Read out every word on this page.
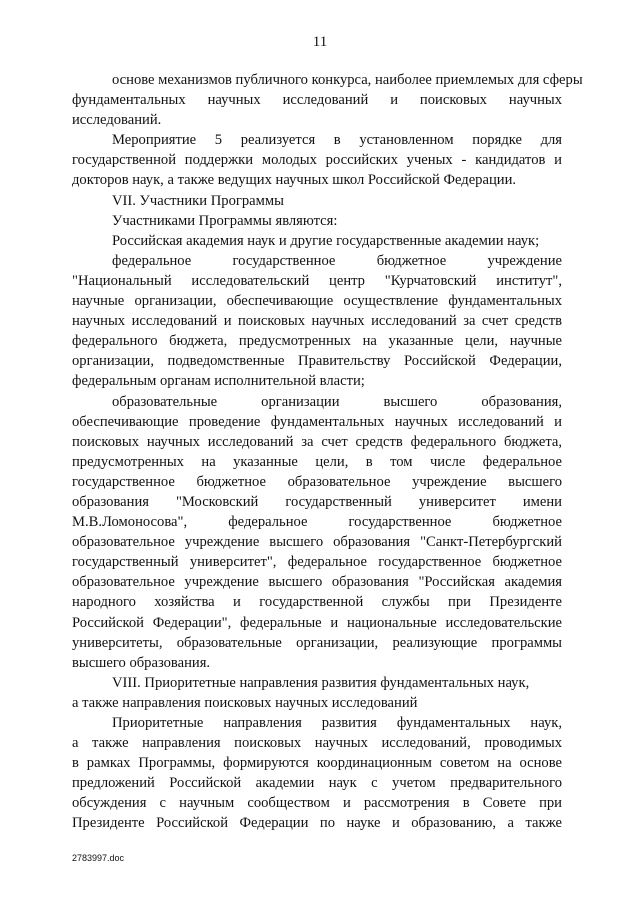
11
основе механизмов публичного конкурса, наиболее приемлемых для сферы
фундаментальных научных исследований и поисковых научных
исследований.
Мероприятие 5 реализуется в установленном порядке для
государственной поддержки молодых российских ученых - кандидатов и
докторов наук, а также ведущих научных школ Российской Федерации.
VII. Участники Программы
Участниками Программы являются:
Российская академия наук и другие государственные академии наук;
федеральное государственное бюджетное учреждение
"Национальный исследовательский центр "Курчатовский институт",
научные организации, обеспечивающие осуществление фундаментальных
научных исследований и поисковых научных исследований за счет средств
федерального бюджета, предусмотренных на указанные цели, научные
организации, подведомственные Правительству Российской Федерации,
федеральным органам исполнительной власти;
образовательные организации высшего образования,
обеспечивающие проведение фундаментальных научных исследований и
поисковых научных исследований за счет средств федерального бюджета,
предусмотренных на указанные цели, в том числе федеральное
государственное бюджетное образовательное учреждение высшего
образования "Московский государственный университет имени
М.В.Ломоносова", федеральное государственное бюджетное
образовательное учреждение высшего образования "Санкт-Петербургский
государственный университет", федеральное государственное бюджетное
образовательное учреждение высшего образования "Российская академия
народного хозяйства и государственной службы при Президенте
Российской Федерации", федеральные и национальные исследовательские
университеты, образовательные организации, реализующие программы
высшего образования.
VIII. Приоритетные направления развития фундаментальных наук,
а также направления поисковых научных исследований
Приоритетные направления развития фундаментальных наук,
а также направления поисковых научных исследований, проводимых
в рамках Программы, формируются координационным советом на основе
предложений Российской академии наук с учетом предварительного
обсуждения с научным сообществом и рассмотрения в Совете при
Президенте Российской Федерации по науке и образованию, а также
2783997.doc
